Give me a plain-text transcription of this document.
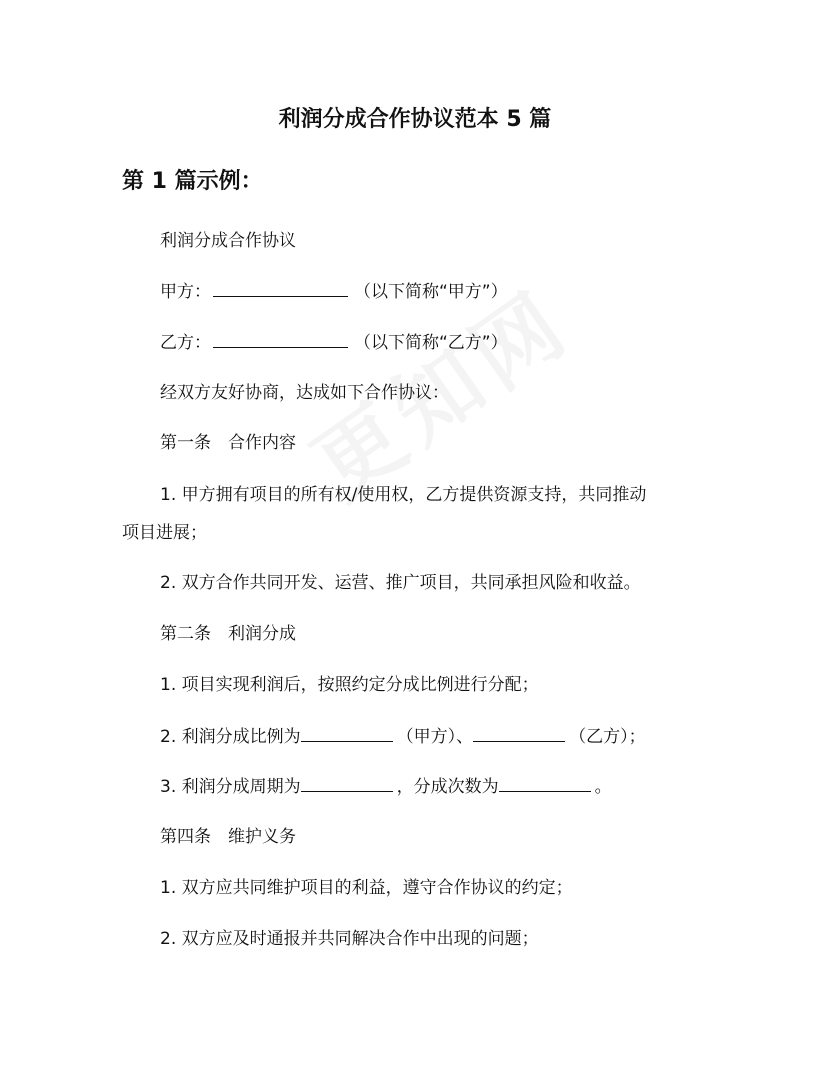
利润分成合作协议范本 5 篇
第 1 篇示例：
利润分成合作协议
甲方：	（以下简称“甲方”）
乙方：	（以下简称“乙方”）
经双方友好协商，达成如下合作协议：
第一条　合作内容
1. 甲方拥有项目的所有权/使用权，乙方提供资源支持，共同推动
项目进展；
2. 双方合作共同开发、运营、推广项目，共同承担风险和收益。
第二条　利润分成
1. 项目实现利润后，按照约定分成比例进行分配；
2. 利润分成比例为	（甲方）、	（乙方）；
3. 利润分成周期为	，分成次数为	。
第四条　维护义务
1. 双方应共同维护项目的利益，遵守合作协议的约定；
2. 双方应及时通报并共同解决合作中出现的问题；
